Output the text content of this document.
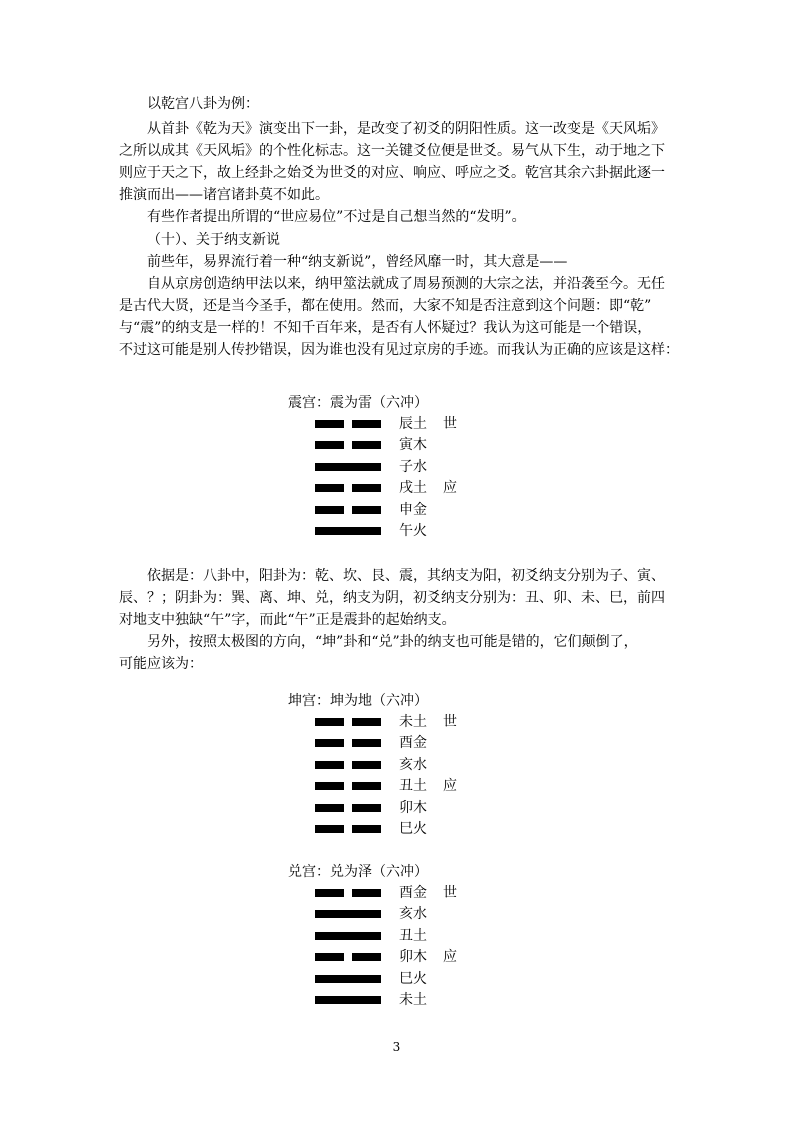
以乾宫八卦为例：
从首卦《乾为天》演变出下一卦，是改变了初爻的阴阳性质。这一改变是《天风垢》
之所以成其《天风垢》的个性化标志。这一关键爻位便是世爻。易气从下生，动于地之下
则应于天之下，故上经卦之始爻为世爻的对应、响应、呼应之爻。乾宫其余六卦据此逐一
推演而出——诸宫诸卦莫不如此。
有些作者提出所谓的“世应易位”不过是自己想当然的“发明”。
（十）、关于纳支新说
前些年，易界流行着一种“纳支新说”，曾经风靡一时，其大意是——
自从京房创造纳甲法以来，纳甲筮法就成了周易预测的大宗之法，并沿袭至今。无任
是古代大贤，还是当今圣手，都在使用。然而，大家不知是否注意到这个问题：即“乾”
与“震”的纳支是一样的！不知千百年来，是否有人怀疑过？我认为这可能是一个错误，
不过这可能是别人传抄错误，因为谁也没有见过京房的手迹。而我认为正确的应该是这样：
震宫：震为雷（六冲）
辰土 世
寅木
子水
戌土 应
申金
午火
依据是：八卦中，阳卦为：乾、坎、艮、震，其纳支为阳，初爻纳支分别为子、寅、
辰、？；阴卦为：巽、离、坤、兑，纳支为阴，初爻纳支分别为：丑、卯、未、巳，前四
对地支中独缺“午”字，而此“午”正是震卦的起始纳支。
另外，按照太极图的方向，“坤”卦和“兑”卦的纳支也可能是错的，它们颠倒了，
可能应该为：
坤宫：坤为地（六冲）
未土 世
酉金
亥水
丑土 应
卯木
巳火
兑宫：兑为泽（六冲）
酉金 世
亥水
丑土
卯木 应
巳火
未土
3
